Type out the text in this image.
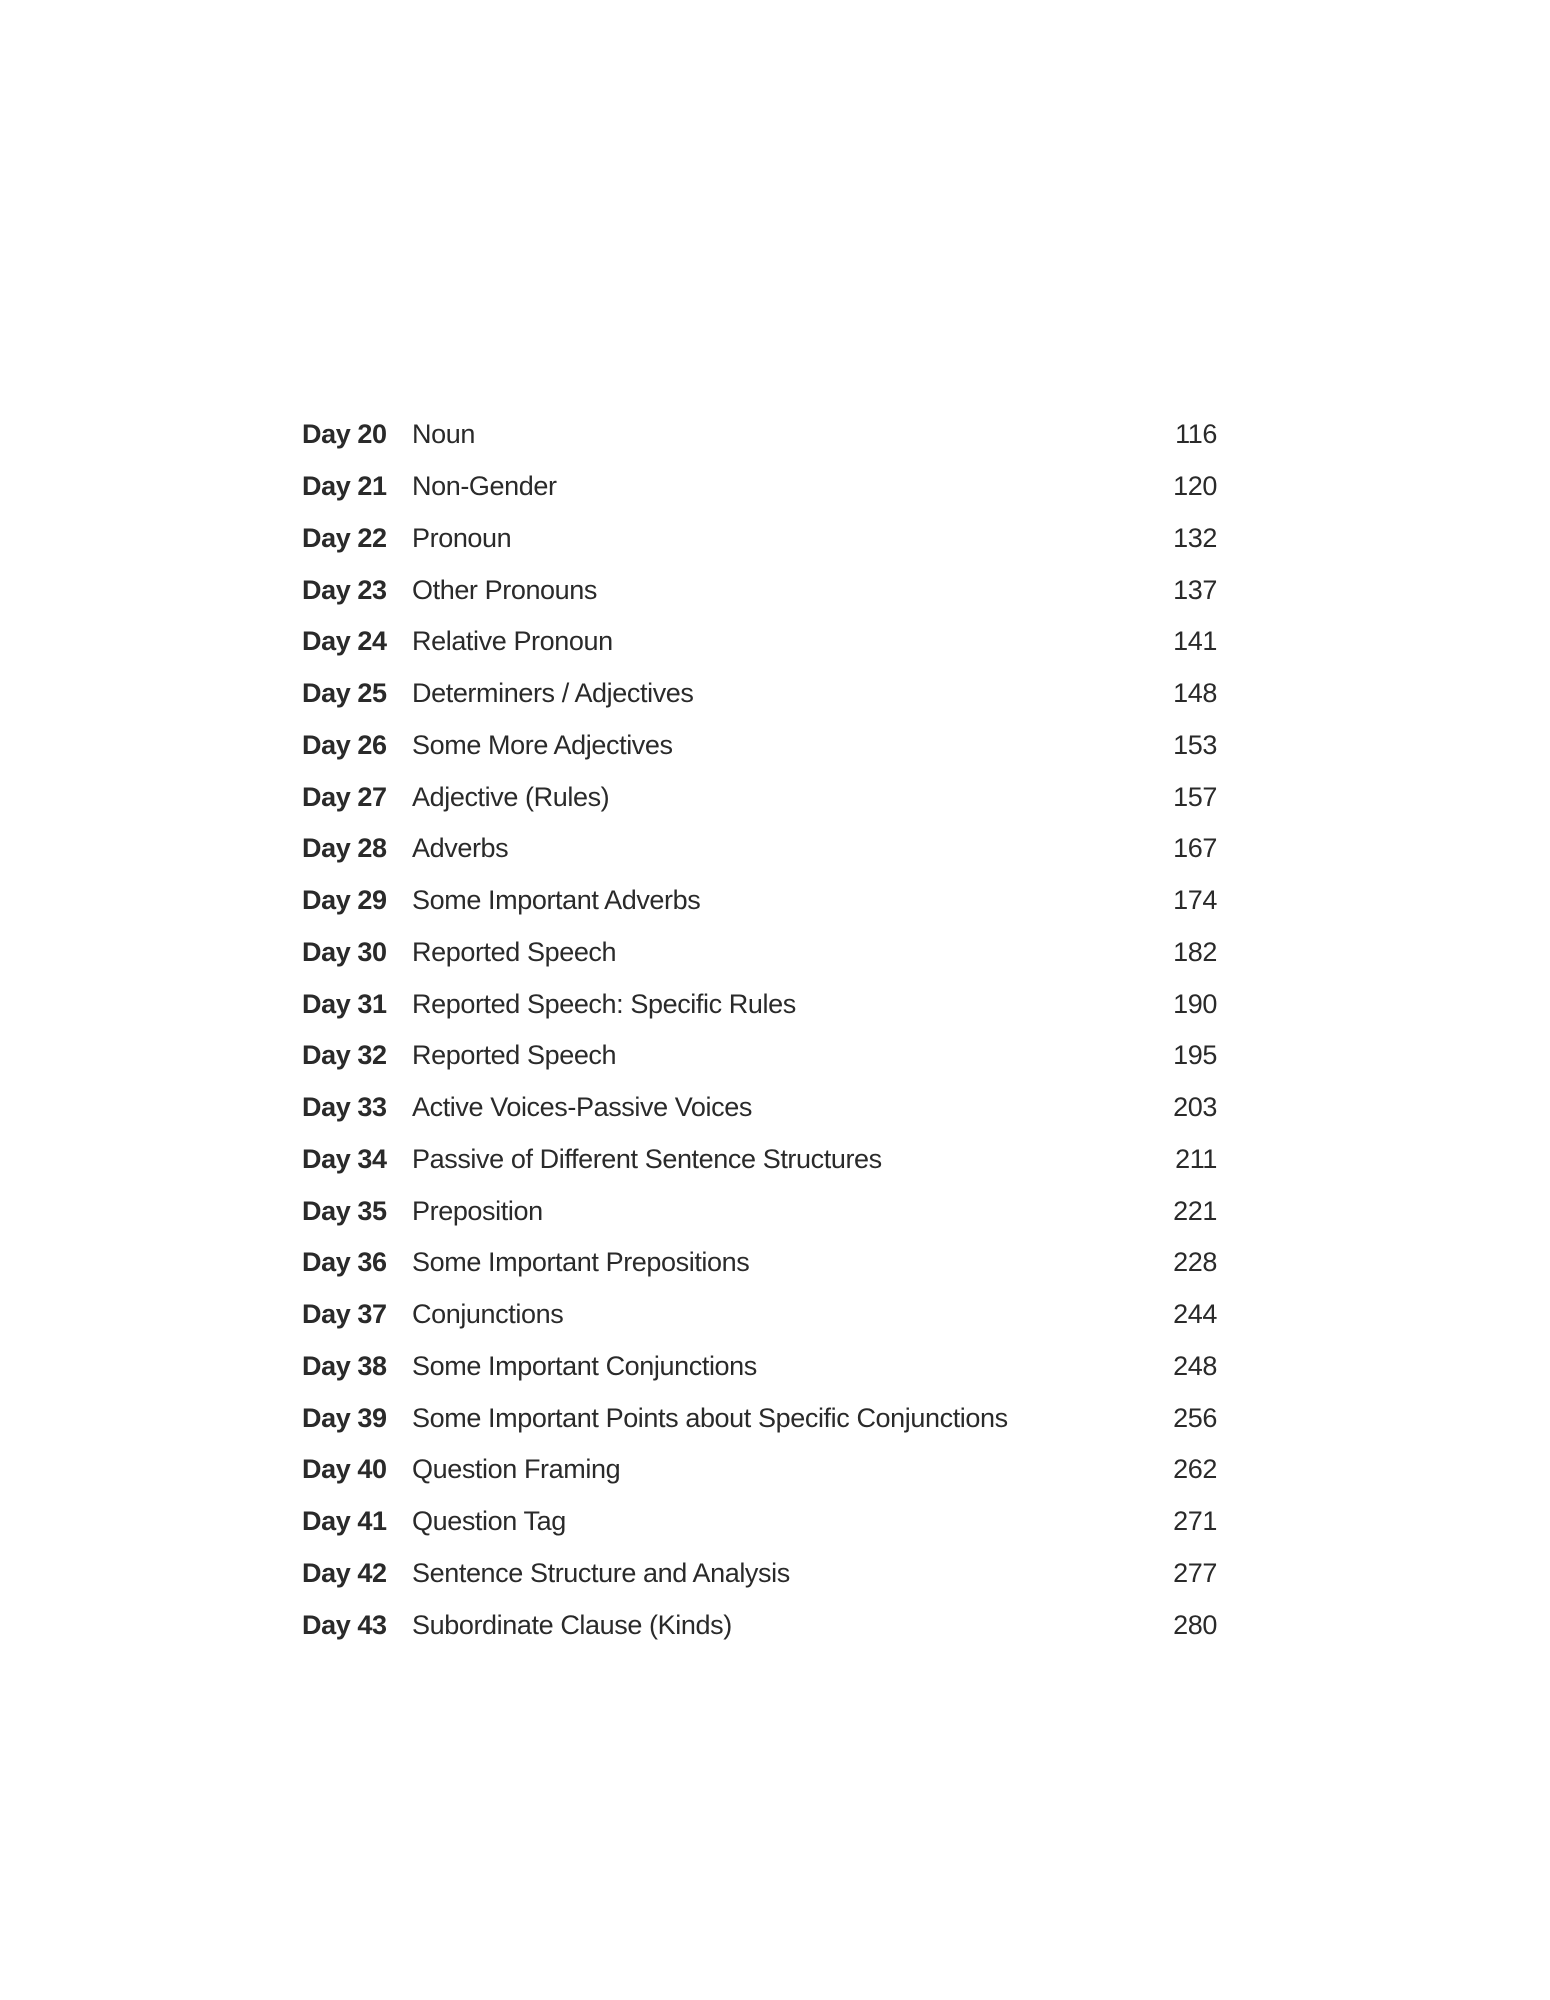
Day 20 Noun	116
Day 21 Non-Gender	120
Day 22 Pronoun	132
Day 23 Other Pronouns	137
Day 24 Relative Pronoun	141
Day 25 Determiners / Adjectives	148
Day 26 Some More Adjectives	153
Day 27 Adjective (Rules)	157
Day 28 Adverbs	167
Day 29 Some Important Adverbs	174
Day 30 Reported Speech	182
Day 31 Reported Speech: Specific Rules	190
Day 32 Reported Speech	195
Day 33 Active Voices-Passive Voices	203
Day 34 Passive of Different Sentence Structures	211
Day 35 Preposition	221
Day 36 Some Important Prepositions	228
Day 37 Conjunctions	244
Day 38 Some Important Conjunctions	248
Day 39 Some Important Points about Specific Conjunctions	256
Day 40 Question Framing	262
Day 41 Question Tag	271
Day 42 Sentence Structure and Analysis	277
Day 43 Subordinate Clause (Kinds)	280
